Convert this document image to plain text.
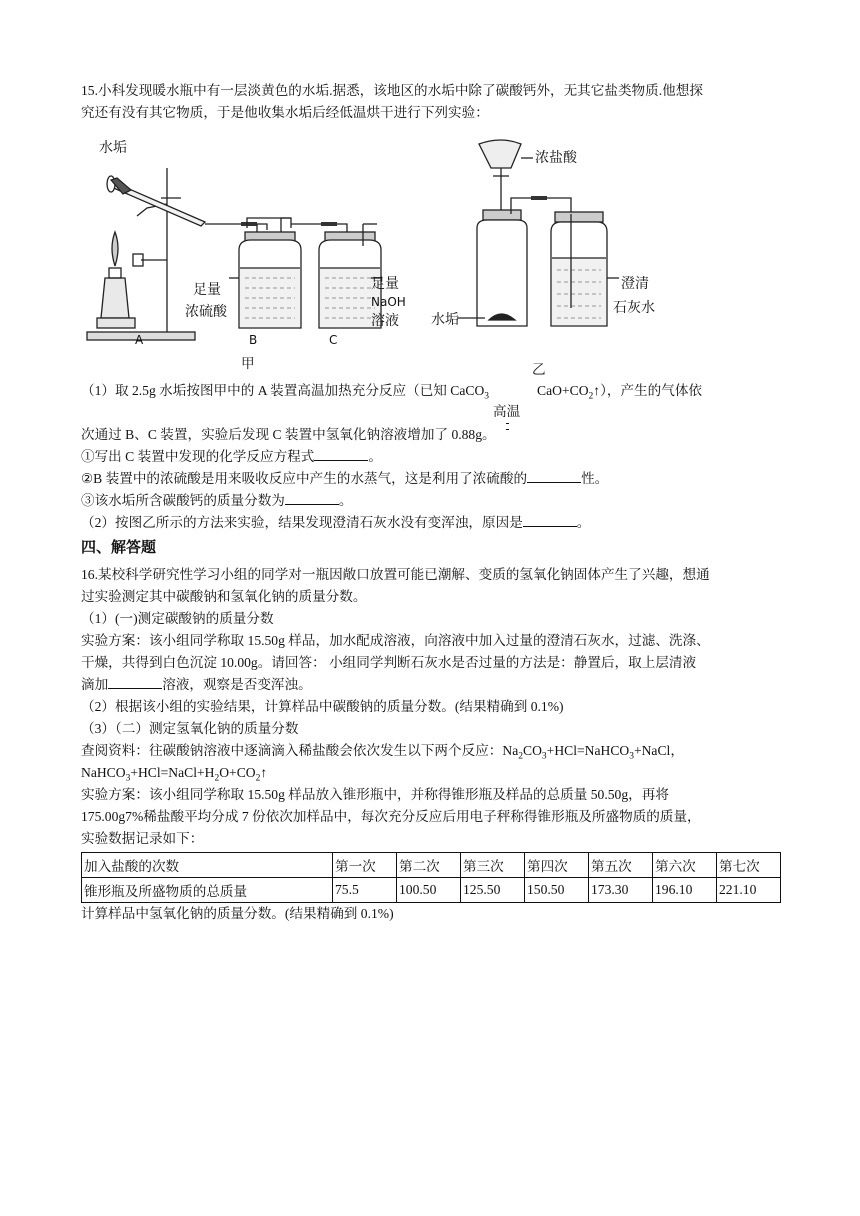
15.小科发现暖水瓶中有一层淡黄色的水垢.据悉，该地区的水垢中除了碳酸钙外，无其它盐类物质.他想探

究还有没有其它物质，于是他收集水垢后经低温烘干进行下列实验：

水垢
足量
浓硫酸
足量
NaOH
溶液
A	B	C
浓盐酸
水垢
澄清
石灰水
甲	乙

（1）取 2.5g 水垢按图甲中的 A 装置高温加热充分反应（已知 CaCO$_3$
高温
$CaO+CO_2↑$），产生的气体依

次通过 B、C 装置，实验后发现 C 装置中氢氧化钠溶液增加了 0.88g。

①写出 C 装置中发现的化学反应方程式	。

②B 装置中的浓硫酸是用来吸收反应中产生的水蒸气，这是利用了浓硫酸的	性。

③该水垢所含碳酸钙的质量分数为	。

（2）按图乙所示的方法来实验，结果发现澄清石灰水没有变浑浊，原因是	。

四、解答题

16.某校科学研究性学习小组的同学对一瓶因敞口放置可能已潮解、变质的氢氧化钠固体产生了兴趣，想通

过实验测定其中碳酸钠和氢氧化钠的质量分数。

（1）(一)测定碳酸钠的质量分数

实验方案：该小组同学称取 15.50g 样品，加水配成溶液，向溶液中加入过量的澄清石灰水，过滤、洗涤、

干燥，共得到白色沉淀 10.00g。请回答： 小组同学判断石灰水是否过量的方法是：静置后，取上层清液

滴加	溶液，观察是否变浑浊。

（2）根据该小组的实验结果，计算样品中碳酸钠的质量分数。(结果精确到 0.1%)

（3）（二）测定氢氧化钠的质量分数

查阅资料：往碳酸钠溶液中逐滴滴入稀盐酸会依次发生以下两个反应：$Na_2CO_3+HCl=NaHCO_3+NaCl$，

$NaHCO_3+HCl=NaCl+H_2O+CO_2↑$

实验方案：该小组同学称取 15.50g 样品放入锥形瓶中，并称得锥形瓶及样品的总质量 50.50g，再将

175.00g7%稀盐酸平均分成 7 份依次加样品中，每次充分反应后用电子秤称得锥形瓶及所盛物质的质量，

实验数据记录如下：

加入盐酸的次数	第一次	第二次	第三次	第四次	第五次	第六次	第七次
锥形瓶及所盛物质的总质量	75.5	100.50	125.50	150.50	173.30	196.10	221.10

计算样品中氢氧化钠的质量分数。(结果精确到 0.1%)
